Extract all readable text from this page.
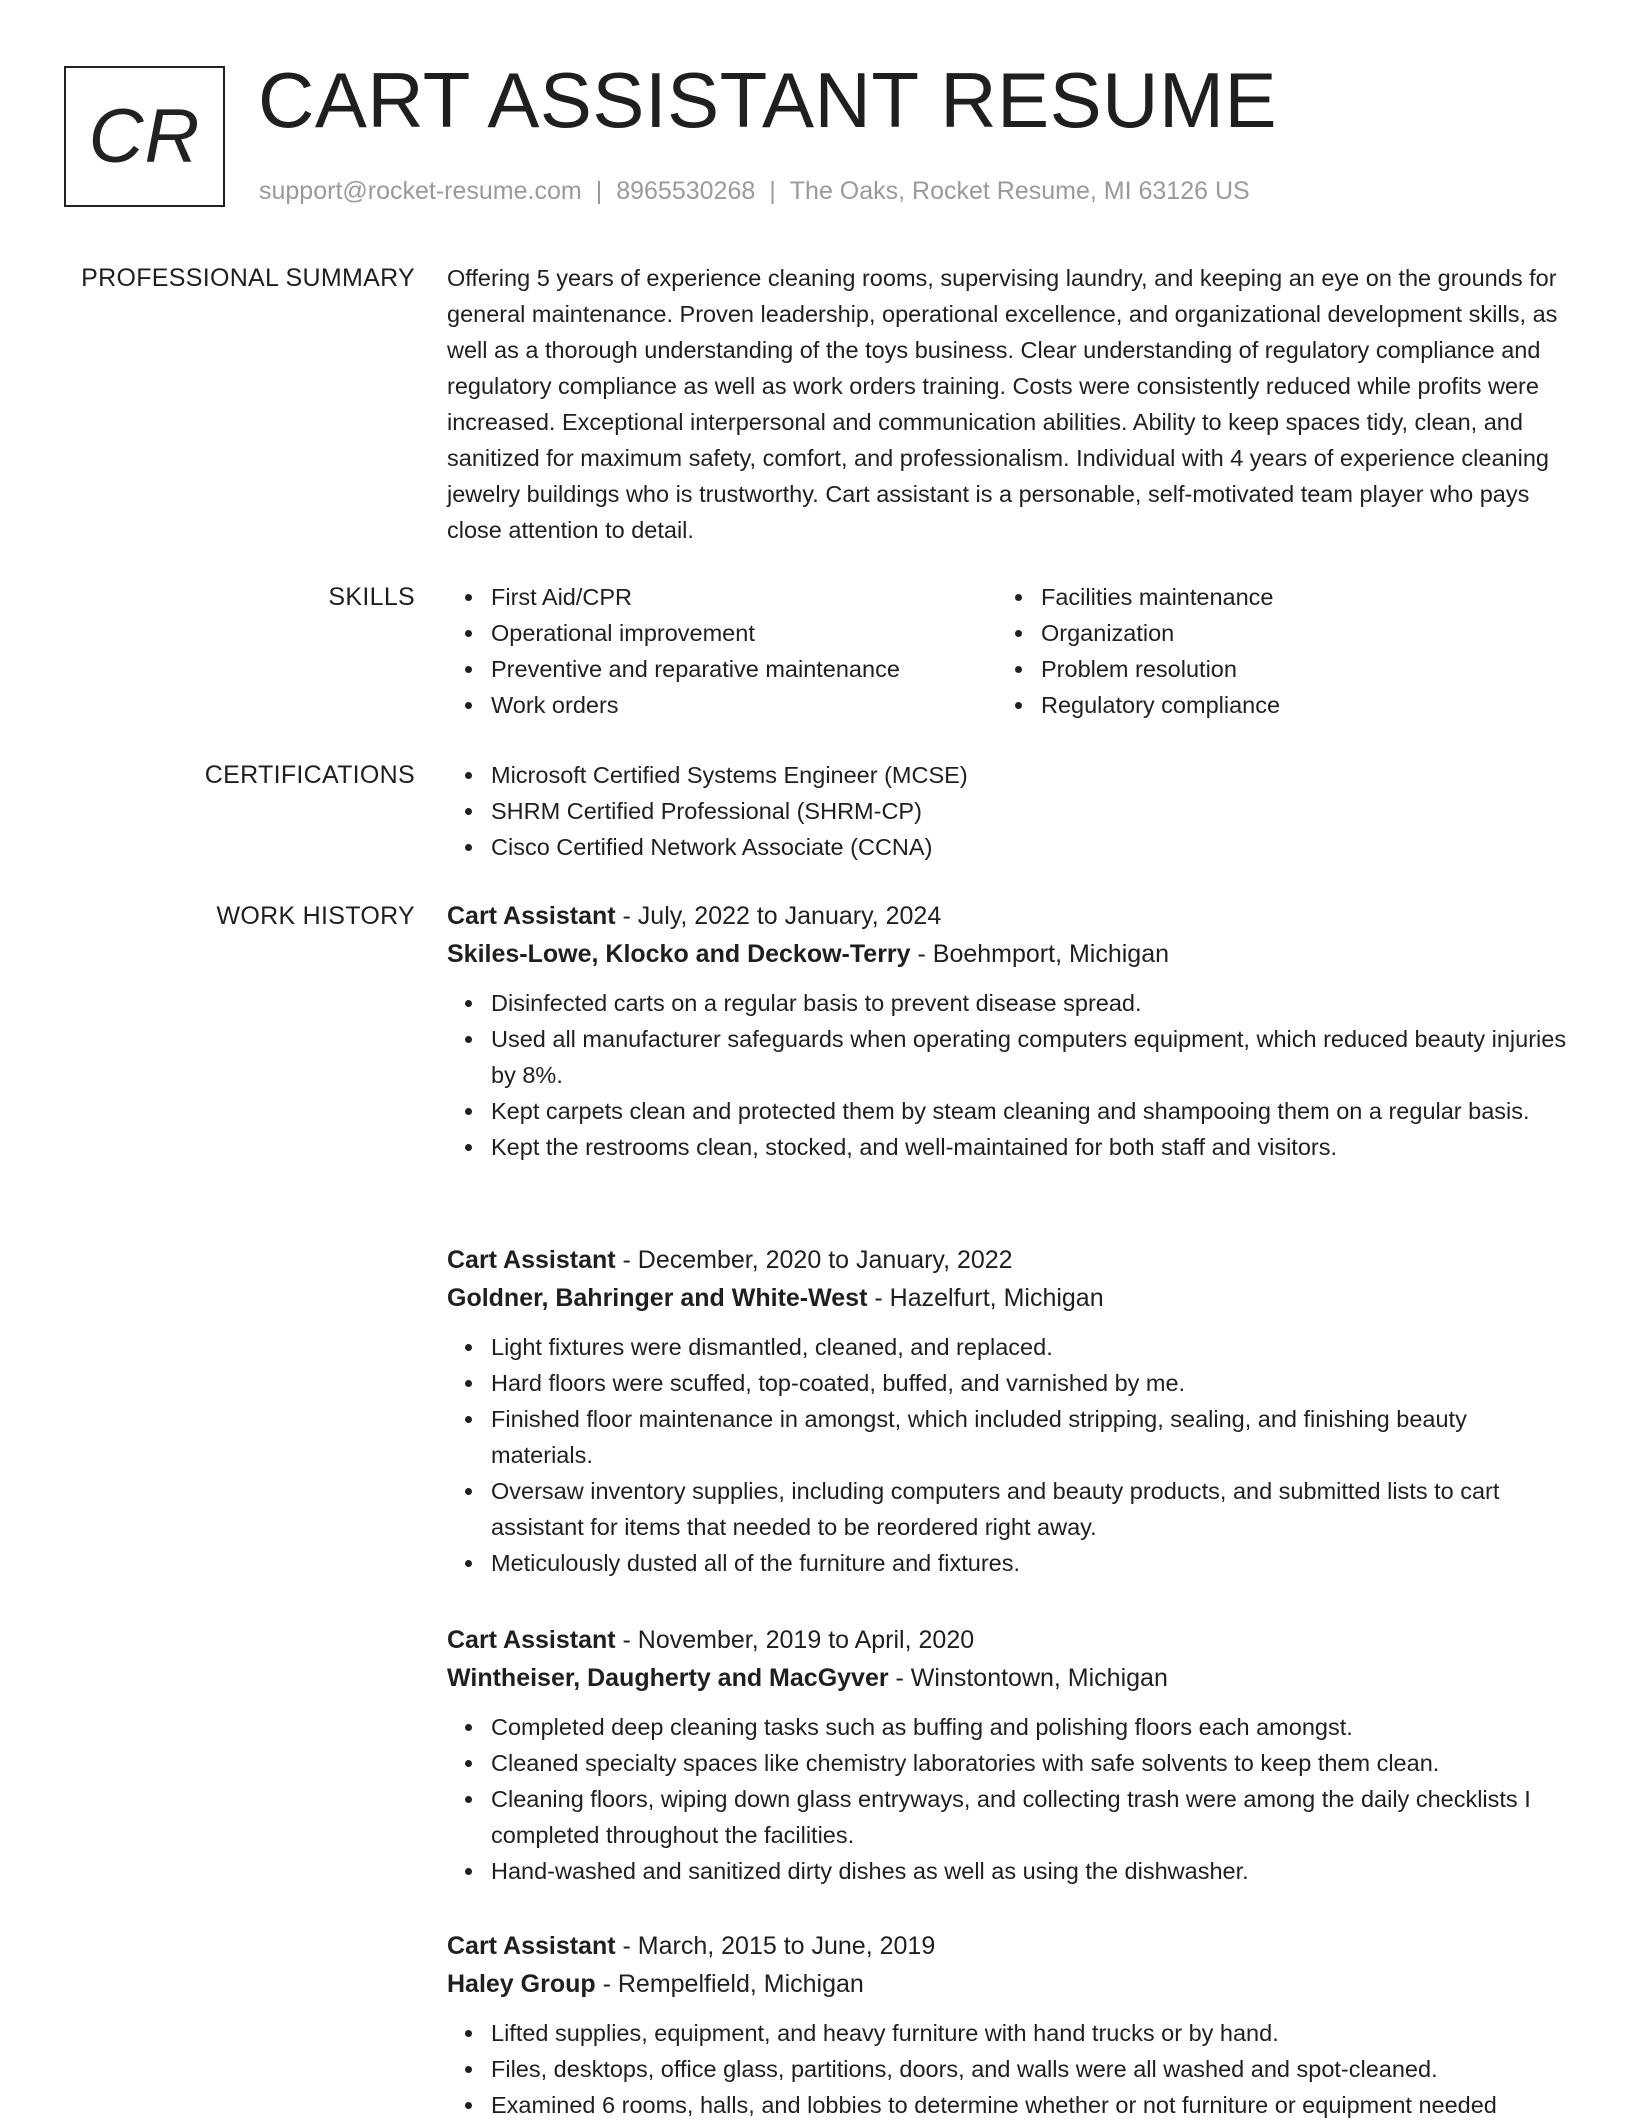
CR CART ASSISTANT RESUME
support@rocket-resume.com | 8965530268 | The Oaks, Rocket Resume, MI 63126 US
PROFESSIONAL SUMMARY Offering 5 years of experience cleaning rooms, supervising laundry, and keeping an eye on the grounds for general maintenance. Proven leadership, operational excellence, and organizational development skills, as well as a thorough understanding of the toys business. Clear understanding of regulatory compliance and regulatory compliance as well as work orders training. Costs were consistently reduced while profits were increased. Exceptional interpersonal and communication abilities. Ability to keep spaces tidy, clean, and sanitized for maximum safety, comfort, and professionalism. Individual with 4 years of experience cleaning jewelry buildings who is trustworthy. Cart assistant is a personable, self-motivated team player who pays close attention to detail.

SKILLS	First Aid/CPR
Operational improvement
Preventive and reparative maintenance
Work orders
Facilities maintenance
Organization
Problem resolution
Regulatory compliance
CERTIFICATIONS	Microsoft Certified Systems Engineer (MCSE)
SHRM Certified Professional (SHRM-CP)
Cisco Certified Network Associate (CCNA)
WORK HISTORY Cart Assistant - July, 2022 to January, 2024
Skiles-Lowe, Klocko and Deckow-Terry - Boehmport, Michigan
Disinfected carts on a regular basis to prevent disease spread.
Used all manufacturer safeguards when operating computers equipment, which reduced beauty injuries by 8%.
Kept carpets clean and protected them by steam cleaning and shampooing them on a regular basis.
Kept the restrooms clean, stocked, and well-maintained for both staff and visitors.
Cart Assistant - December, 2020 to January, 2022
Goldner, Bahringer and White-West - Hazelfurt, Michigan
Light fixtures were dismantled, cleaned, and replaced.
Hard floors were scuffed, top-coated, buffed, and varnished by me.
Finished floor maintenance in amongst, which included stripping, sealing, and finishing beauty materials.
Oversaw inventory supplies, including computers and beauty products, and submitted lists to cart assistant for items that needed to be reordered right away.
Meticulously dusted all of the furniture and fixtures.
Cart Assistant - November, 2019 to April, 2020
Wintheiser, Daugherty and MacGyver - Winstontown, Michigan
Completed deep cleaning tasks such as buffing and polishing floors each amongst.
Cleaned specialty spaces like chemistry laboratories with safe solvents to keep them clean.
Cleaning floors, wiping down glass entryways, and collecting trash were among the daily checklists I completed throughout the facilities.
Hand-washed and sanitized dirty dishes as well as using the dishwasher.
Cart Assistant - March, 2015 to June, 2019
Haley Group - Rempelfield, Michigan
Lifted supplies, equipment, and heavy furniture with hand trucks or by hand.
Files, desktops, office glass, partitions, doors, and walls were all washed and spot-cleaned.
Examined 6 rooms, halls, and lobbies to determine whether or not furniture or equipment needed
